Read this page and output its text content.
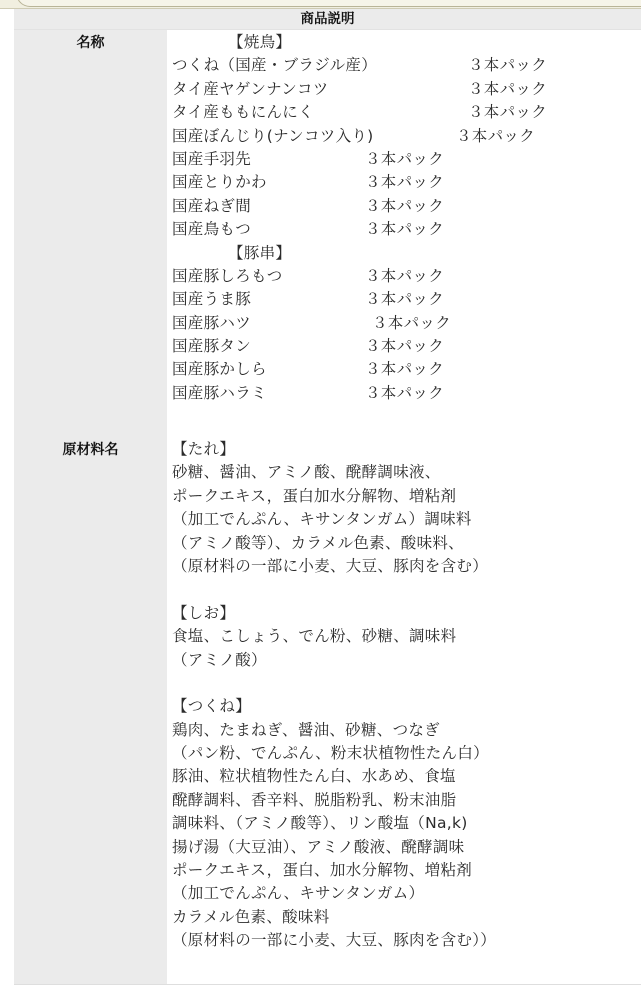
商品説明
名称	【焼鳥】
つくね（国産・ブラジル産）	３本パック
タイ産ヤゲンナンコツ	３本パック
タイ産ももにんにく	３本パック
国産ぼんじり(ナンコツ入り)	３本パック
国産手羽先	３本パック
国産とりかわ	３本パック
国産ねぎ間	３本パック
国産鳥もつ	３本パック
【豚串】
国産豚しろもつ	３本パック
国産うま豚	３本パック
国産豚ハツ	３本パック
国産豚タン	３本パック
国産豚かしら	３本パック
国産豚ハラミ	３本パック
原材料名	【たれ】
砂糖、醤油、アミノ酸、醗酵調味液、
ポークエキス，蛋白加水分解物、増粘剤
（加工でんぷん、キサンタンガム）調味料
（アミノ酸等）、カラメル色素、酸味料、
（原材料の一部に小麦、大豆、豚肉を含む）
【しお】
食塩、こしょう、でん粉、砂糖、調味料
（アミノ酸）
【つくね】
鶏肉、たまねぎ、醤油、砂糖、つなぎ
（パン粉、でんぷん、粉末状植物性たん白）
豚油、粒状植物性たん白、水あめ、食塩
醗酵調料、香辛料、脱脂粉乳、粉末油脂
調味料、（アミノ酸等）、リン酸塩（Na,k)
揚げ湯（大豆油）、アミノ酸液、醗酵調味
ポークエキス，蛋白、加水分解物、増粘剤
（加工でんぷん、キサンタンガム）
カラメル色素、酸味料
（原材料の一部に小麦、大豆、豚肉を含む））
